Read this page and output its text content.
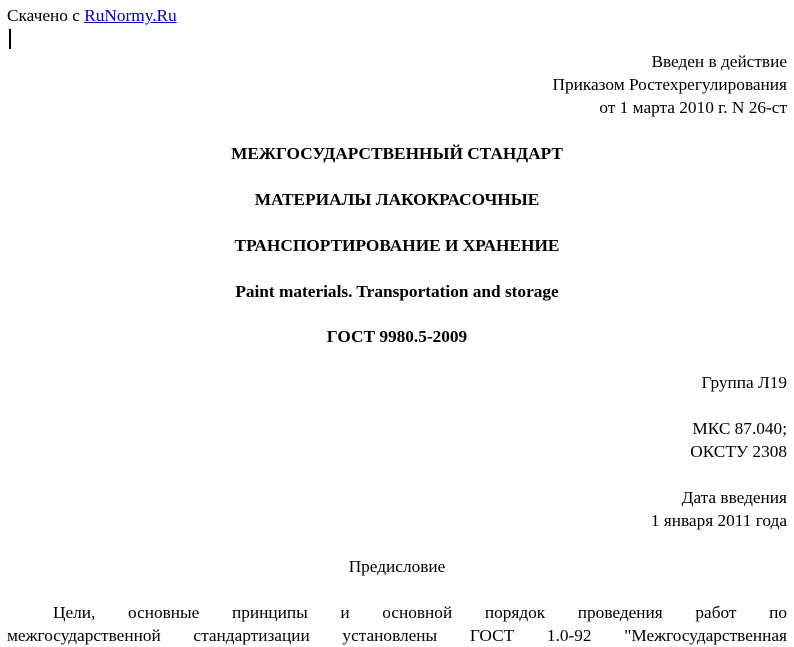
Скачено с RuNormy.Ru
Введен в действие
Приказом Ростехрегулирования
от 1 марта 2010 г. N 26-ст
МЕЖГОСУДАРСТВЕННЫЙ СТАНДАРТ
МАТЕРИАЛЫ ЛАКОКРАСОЧНЫЕ
ТРАНСПОРТИРОВАНИЕ И ХРАНЕНИЕ
Paint materials. Transportation and storage
ГОСТ 9980.5-2009
Группа Л19
МКС 87.040;
ОКСТУ 2308
Дата введения
1 января 2011 года
Предисловие
Цели, основные принципы и основной порядок проведения работ по
межгосударственной стандартизации установлены ГОСТ 1.0-92 "Межгосударственная
